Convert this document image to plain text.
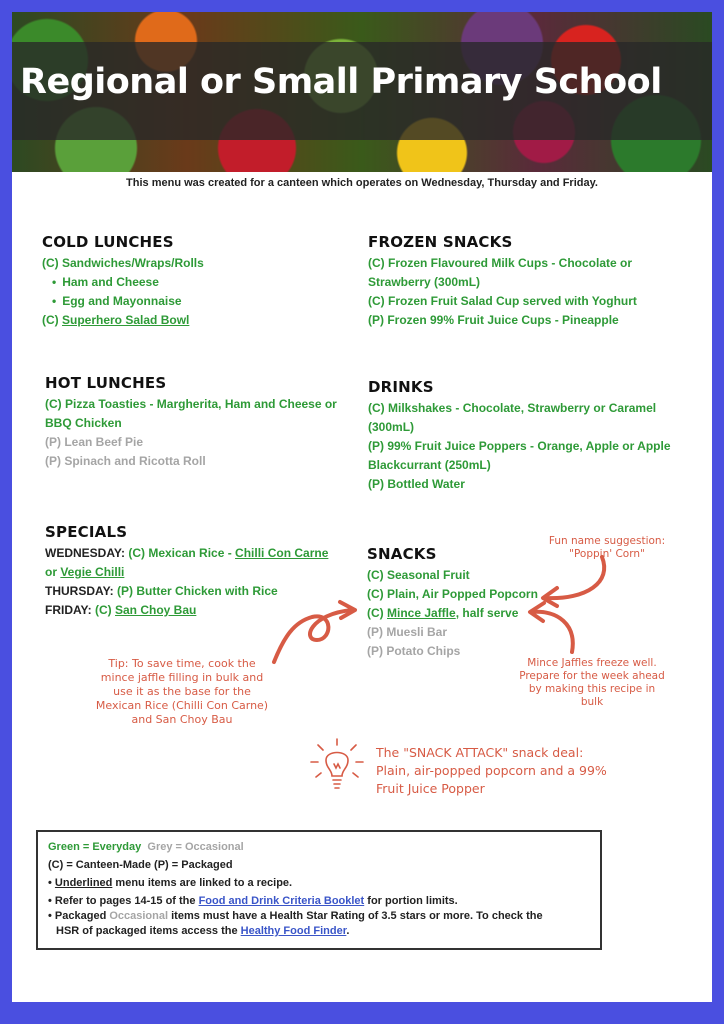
Regional or Small Primary School
This menu was created for a canteen which operates on Wednesday, Thursday and Friday.
COLD LUNCHES
(C) Sandwiches/Wraps/Rolls
• Ham and Cheese
• Egg and Mayonnaise
(C) Superhero Salad Bowl
HOT LUNCHES
(C) Pizza Toasties - Margherita, Ham and Cheese or
BBQ Chicken
(P) Lean Beef Pie
(P) Spinach and Ricotta Roll
SPECIALS
WEDNESDAY: (C) Mexican Rice - Chilli Con Carne
or Vegie Chilli
THURSDAY: (P) Butter Chicken with Rice
FRIDAY: (C) San Choy Bau
FROZEN SNACKS
(C) Frozen Flavoured Milk Cups - Chocolate or
Strawberry (300mL)
(C) Frozen Fruit Salad Cup served with Yoghurt
(P) Frozen 99% Fruit Juice Cups - Pineapple
DRINKS
(C) Milkshakes - Chocolate, Strawberry or Caramel
(300mL)
(P) 99% Fruit Juice Poppers - Orange, Apple or Apple
Blackcurrant (250mL)
(P) Bottled Water
SNACKS
(C) Seasonal Fruit
(C) Plain, Air Popped Popcorn
(C) Mince Jaffle, half serve
(P) Muesli Bar
(P) Potato Chips
Fun name suggestion:
"Poppin' Corn"
Tip: To save time, cook the
mince jaffle filling in bulk and
use it as the base for the
Mexican Rice (Chilli Con Carne)
and San Choy Bau
Mince Jaffles freeze well.
Prepare for the week ahead
by making this recipe in
bulk
The "SNACK ATTACK" snack deal:
Plain, air-popped popcorn and a 99%
Fruit Juice Popper
Green = Everyday Grey = Occasional
(C) = Canteen-Made (P) = Packaged
• Underlined menu items are linked to a recipe.
• Refer to pages 14-15 of the Food and Drink Criteria Booklet for portion limits.
• Packaged Occasional items must have a Health Star Rating of 3.5 stars or more. To check the
HSR of packaged items access the Healthy Food Finder.
